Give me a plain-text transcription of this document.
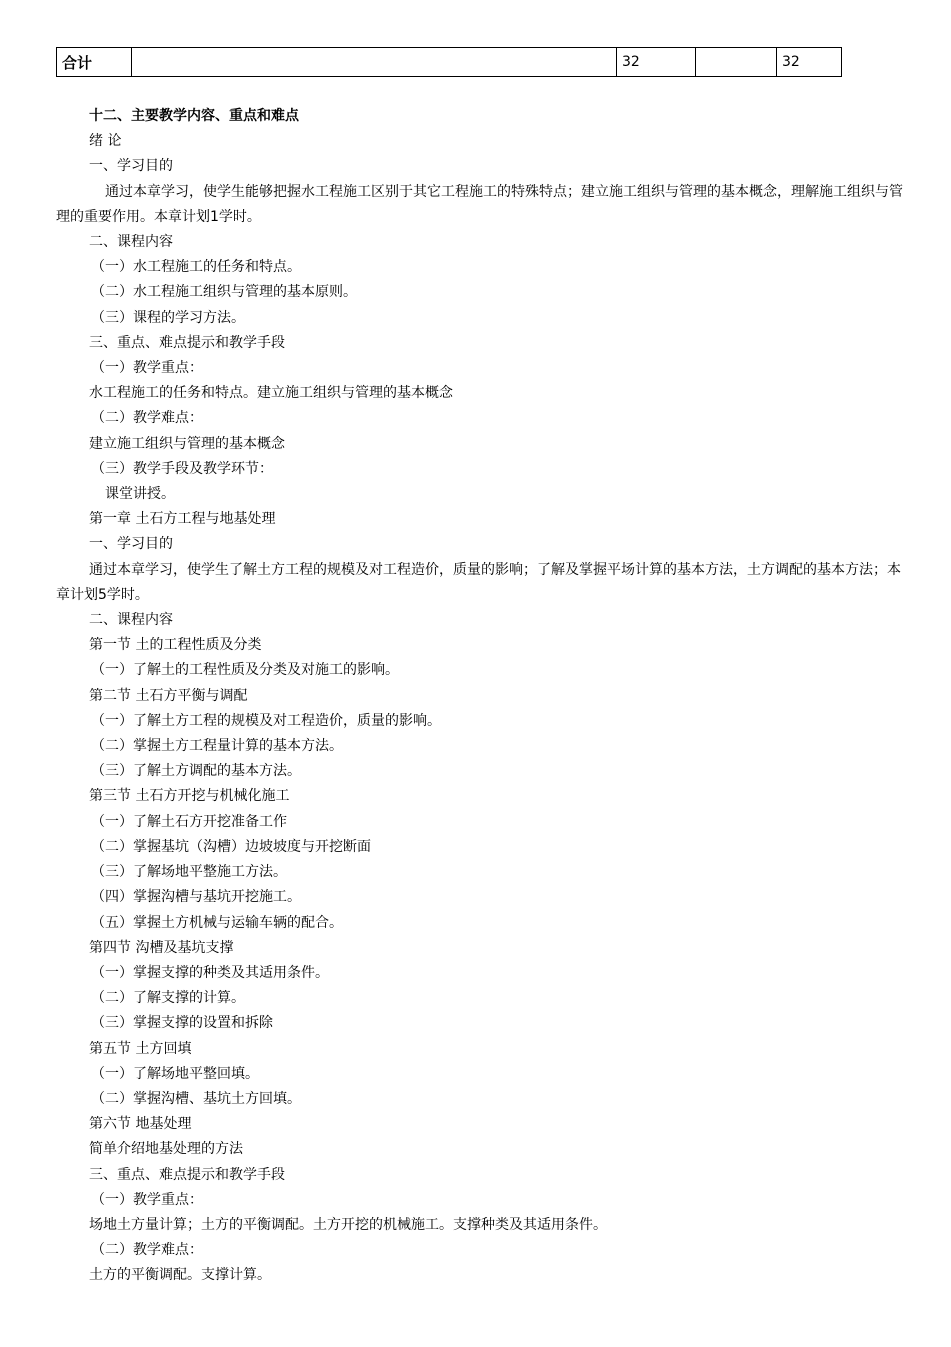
合计		32		32

十二、主要教学内容、重点和难点

绪 论

一、学习目的

通过本章学习，使学生能够把握水工程施工区别于其它工程施工的特殊特点；建立施工组织与管理的基本概念，理解施工组织与管理的重要作用。本章计划1学时。

二、课程内容

（一）水工程施工的任务和特点。

（二）水工程施工组织与管理的基本原则。

（三）课程的学习方法。

三、重点、难点提示和教学手段

（一）教学重点：

水工程施工的任务和特点。建立施工组织与管理的基本概念

（二）教学难点：

建立施工组织与管理的基本概念

（三）教学手段及教学环节：

课堂讲授。

第一章 土石方工程与地基处理

一、学习目的

通过本章学习，使学生了解土方工程的规模及对工程造价，质量的影响；了解及掌握平场计算的基本方法，土方调配的基本方法；本章计划5学时。

二、课程内容

第一节 土的工程性质及分类

（一）了解土的工程性质及分类及对施工的影响。

第二节 土石方平衡与调配

（一）了解土方工程的规模及对工程造价，质量的影响。

（二）掌握土方工程量计算的基本方法。

（三）了解土方调配的基本方法。

第三节 土石方开挖与机械化施工

（一）了解土石方开挖准备工作

（二）掌握基坑（沟槽）边坡坡度与开挖断面

（三）了解场地平整施工方法。

（四）掌握沟槽与基坑开挖施工。

（五）掌握土方机械与运输车辆的配合。

第四节 沟槽及基坑支撑

（一）掌握支撑的种类及其适用条件。

（二）了解支撑的计算。

（三）掌握支撑的设置和拆除

第五节 土方回填

（一）了解场地平整回填。

（二）掌握沟槽、基坑土方回填。

第六节 地基处理

简单介绍地基处理的方法

三、重点、难点提示和教学手段

（一）教学重点：

场地土方量计算；土方的平衡调配。土方开挖的机械施工。支撑种类及其适用条件。

（二）教学难点：

土方的平衡调配。支撑计算。
